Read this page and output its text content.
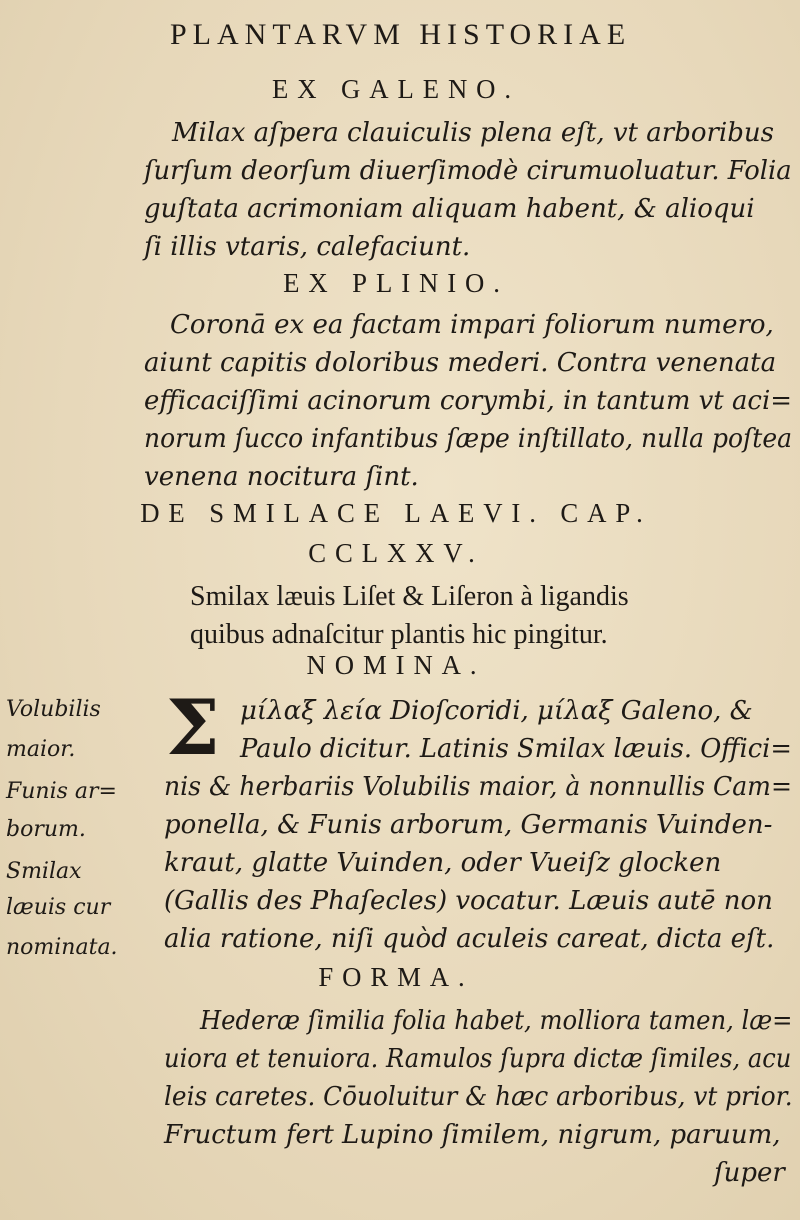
PLANTARVM HISTORIAE
EX GALENO.
Milax aſpera clauiculis plena eſt, vt arboribus
ſurſum deorſum diuerſimodè cirumuoluatur. Folia
guſtata acrimoniam aliquam habent, & alioqui
ſi illis vtaris, calefaciunt.
EX PLINIO.
Coronā ex ea factam impari foliorum numero,
aiunt capitis doloribus mederi. Contra venenata
efficaciſſimi acinorum corymbi, in tantum vt aci=
norum ſucco infantibus ſæpe inſtillato, nulla poſtea
venena nocitura ſint.
DE SMILACE LAEVI. CAP.
CCLXXV.
Smilax læuis Liſet & Liſeron à ligandis
quibus adnaſcitur plantis hic pingitur.
NOMINA.
Σ μίλαξ λεία Dioſcoridi, μίλαξ Galeno, &
Paulo dicitur. Latinis Smilax læuis. Offici=
nis & herbariis Volubilis maior, à nonnullis Cam=
ponella, & Funis arborum, Germanis Vuinden-
kraut, glatte Vuinden, oder Vueiſz glocken
(Gallis des Phaſecles) vocatur. Læuis autē non
alia ratione, niſi quòd aculeis careat, dicta eſt.
Volubilis
maior.
Funis ar=
borum.
Smilax
læuis cur
nominata.
FORMA.
Hederæ ſimilia folia habet, molliora tamen, læ=
uiora et tenuiora. Ramulos ſupra dictæ ſimiles, acu
leis caretes. Cōuoluitur & hæc arboribus, vt prior.
Fructum fert Lupino ſimilem, nigrum, paruum,
ſuper
